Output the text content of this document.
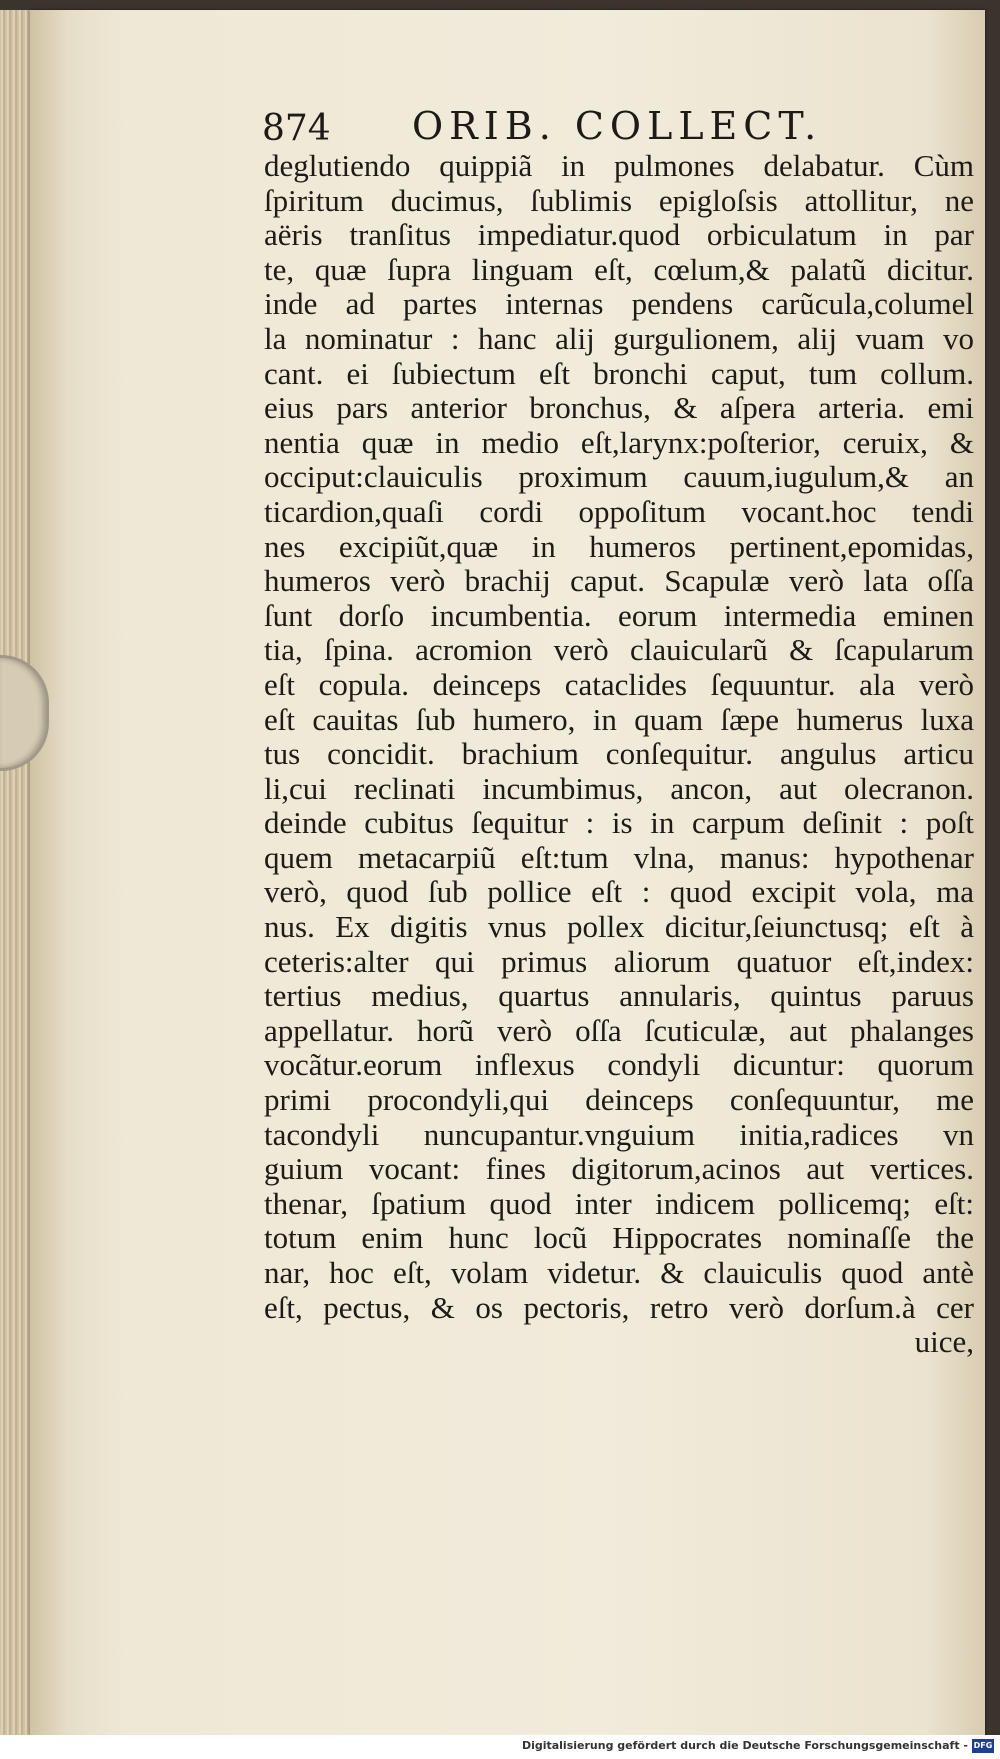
874 ORIB. COLLECT.
deglutiendo quippiã in pulmones delabatur. Cùm
ſpiritum ducimus, ſublimis epigloſsis attollitur, ne
aëris tranſitus impediatur.quod orbiculatum in par
te, quæ ſupra linguam eſt, cœlum,& palatũ dicitur.
inde ad partes internas pendens carũcula,columel
la nominatur : hanc alij gurgulionem, alij vuam vo
cant. ei ſubiectum eſt bronchi caput, tum collum.
eius pars anterior bronchus, & aſpera arteria. emi
nentia quæ in medio eſt,larynx:poſterior, ceruix, &
occiput:clauiculis proximum cauum,iugulum,& an
ticardion,quaſi cordi oppoſitum vocant.hoc tendi
nes excipiũt,quæ in humeros pertinent,epomidas,
humeros verò brachij caput. Scapulæ verò lata oſſa
ſunt dorſo incumbentia. eorum intermedia eminen
tia, ſpina. acromion verò clauicularũ & ſcapularum
eſt copula. deinceps cataclides ſequuntur. ala verò
eſt cauitas ſub humero, in quam ſæpe humerus luxa
tus concidit. brachium conſequitur. angulus articu
li,cui reclinati incumbimus, ancon, aut olecranon.
deinde cubitus ſequitur : is in carpum deſinit : poſt
quem metacarpiũ eſt:tum vlna, manus: hypothenar
verò, quod ſub pollice eſt : quod excipit vola, ma
nus. Ex digitis vnus pollex dicitur,ſeiunctusq; eſt à
ceteris:alter qui primus aliorum quatuor eſt,index:
tertius medius, quartus annularis, quintus paruus
appellatur. horũ verò oſſa ſcuticulæ, aut phalanges
vocãtur.eorum inflexus condyli dicuntur: quorum
primi procondyli,qui deinceps conſequuntur, me
tacondyli nuncupantur.vnguium initia,radices vn
guium vocant: fines digitorum,acinos aut vertices.
thenar, ſpatium quod inter indicem pollicemq; eſt:
totum enim hunc locũ Hippocrates nominaſſe the
nar, hoc eſt, volam videtur. & clauiculis quod antè
eſt, pectus, & os pectoris, retro verò dorſum.à cer
uice,
Digitalisierung gefördert durch die Deutsche Forschungsgemeinschaft - DFG
